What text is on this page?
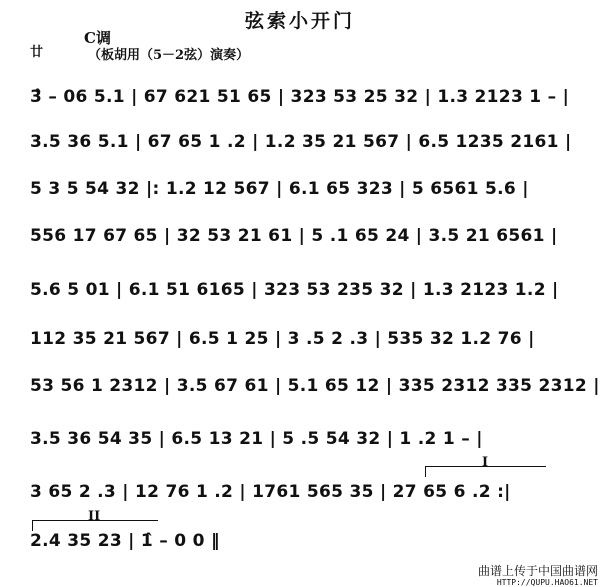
弦索小开门
C调
廿	（板胡用（5－2弦）演奏）
3̂ – 06 5.1 | 67 621 51 65 | 323 53 25 32 | 1.3 2123 1 – |
3.5 36 5.1 | 67 65 1 .2 | 1.2 35 21 567 | 6.5 1235 2161 |
5 3 5 54 32 |: 1.2 12 567 | 6.1 65 323 | 5 6561 5.6 |
556 17 67 65 | 32 53 21 61 | 5 .1 65 24 | 3.5 21 6561 |
5.6 5 01 | 6.1 51 6165 | 323 53 235 32 | 1.3 2123 1.2 |
112 35 21 567 | 6.5 1 25 | 3 .5 2 .3 | 535 32 1.2 76 |
53 56 1 2312 | 3.5 67 61 | 5.1 65 12 | 335 2312 335 2312 |
3.5 36 54 35 | 6.5 13 21 | 5 .5 54 32 | 1 .2 1 – |
3 65 2 .3 | 12 76 1 .2 | 1761 565 35 | 27 65 6 .2 :|
2.4 35 23 | 1̂ – 0 0 ‖
I
II
曲谱上传于中国曲谱网
HTTP://QUPU.HAO61.NET
